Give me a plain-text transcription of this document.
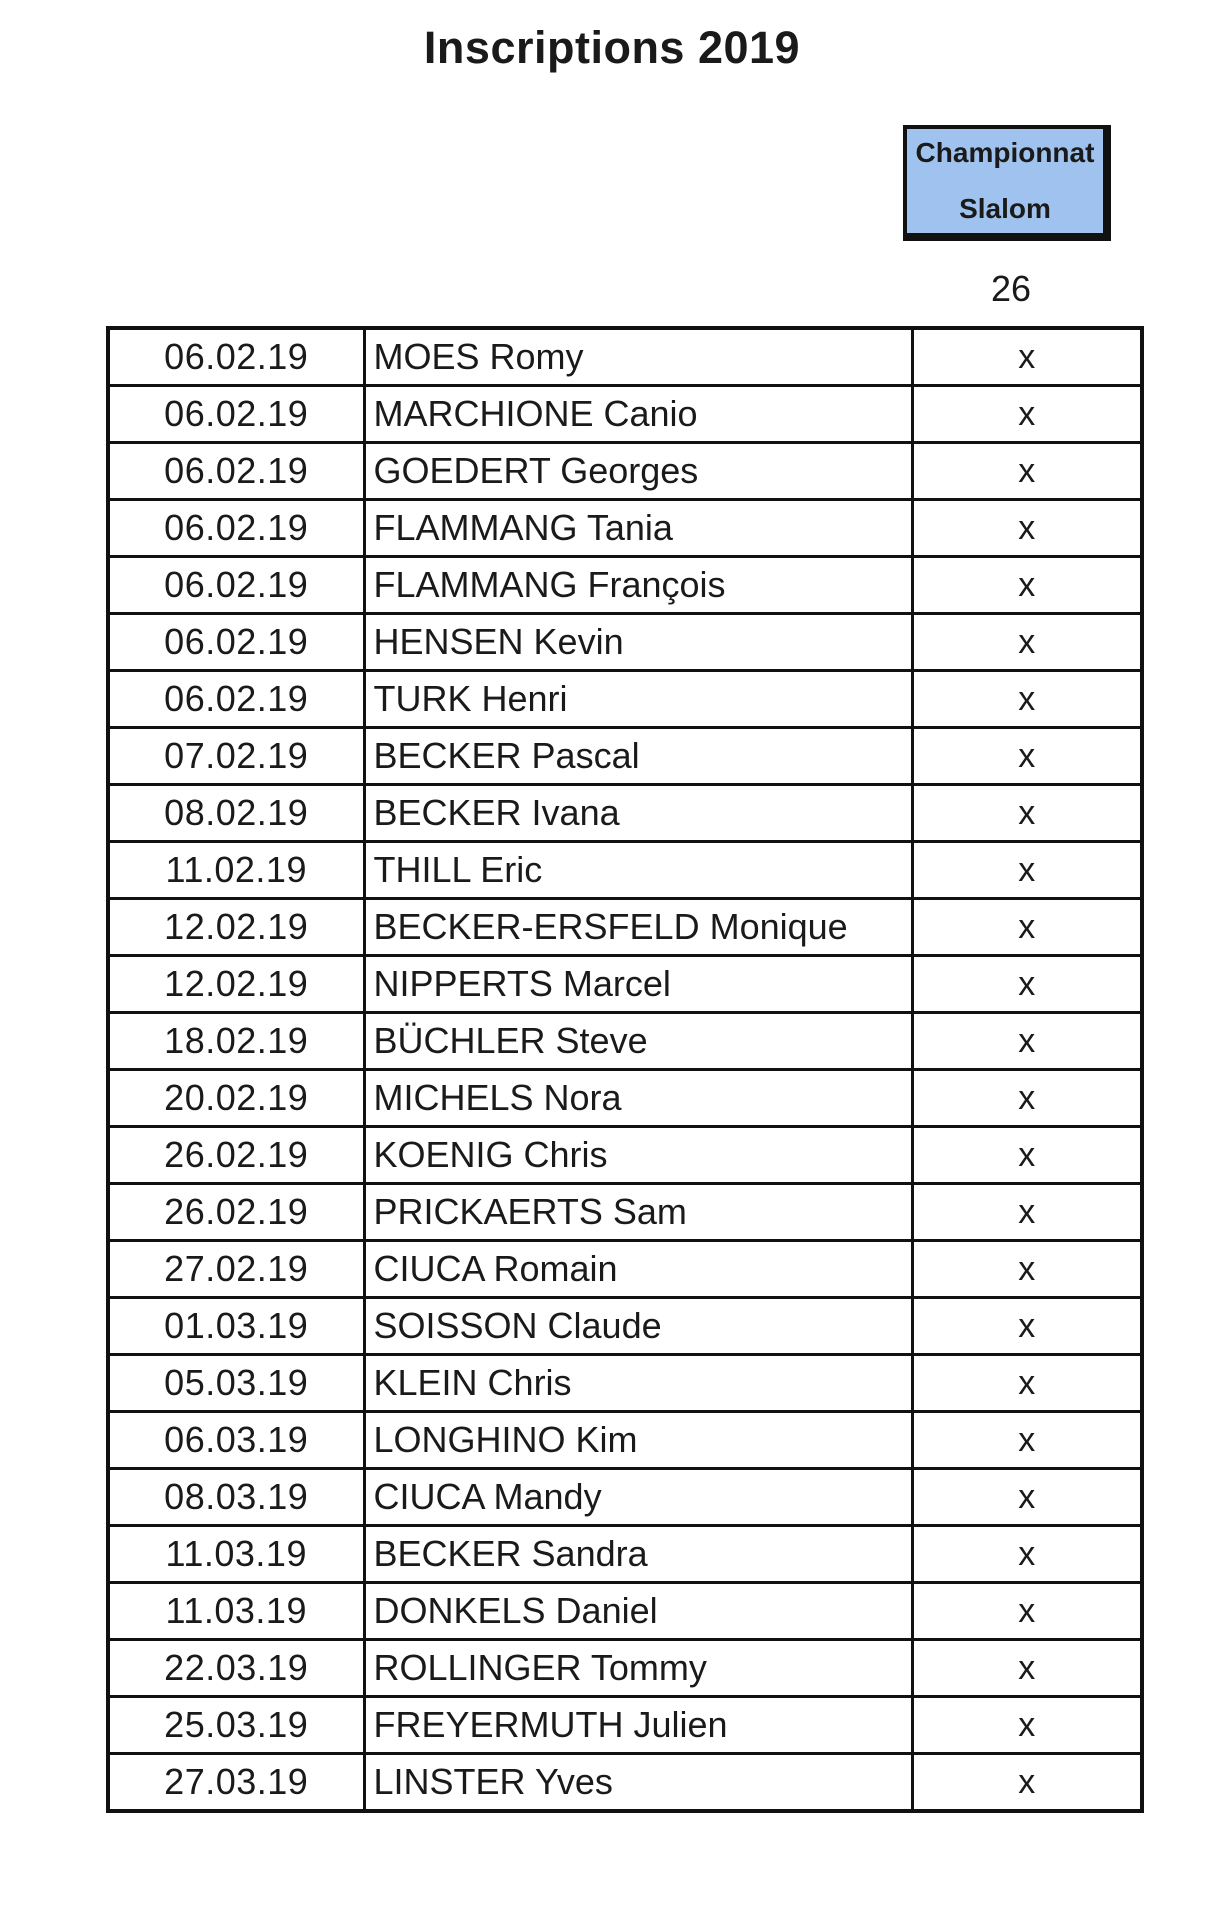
Inscriptions 2019
Championnat
Slalom
26
06.02.19	MOES Romy	x
06.02.19	MARCHIONE Canio	x
06.02.19	GOEDERT Georges	x
06.02.19	FLAMMANG Tania	x
06.02.19	FLAMMANG François	x
06.02.19	HENSEN Kevin	x
06.02.19	TURK Henri	x
07.02.19	BECKER Pascal	x
08.02.19	BECKER Ivana	x
11.02.19	THILL Eric	x
12.02.19	BECKER-ERSFELD Monique	x
12.02.19	NIPPERTS Marcel	x
18.02.19	BÜCHLER Steve	x
20.02.19	MICHELS Nora	x
26.02.19	KOENIG Chris	x
26.02.19	PRICKAERTS Sam	x
27.02.19	CIUCA Romain	x
01.03.19	SOISSON Claude	x
05.03.19	KLEIN Chris	x
06.03.19	LONGHINO Kim	x
08.03.19	CIUCA Mandy	x
11.03.19	BECKER Sandra	x
11.03.19	DONKELS Daniel	x
22.03.19	ROLLINGER Tommy	x
25.03.19	FREYERMUTH Julien	x
27.03.19	LINSTER Yves	x
